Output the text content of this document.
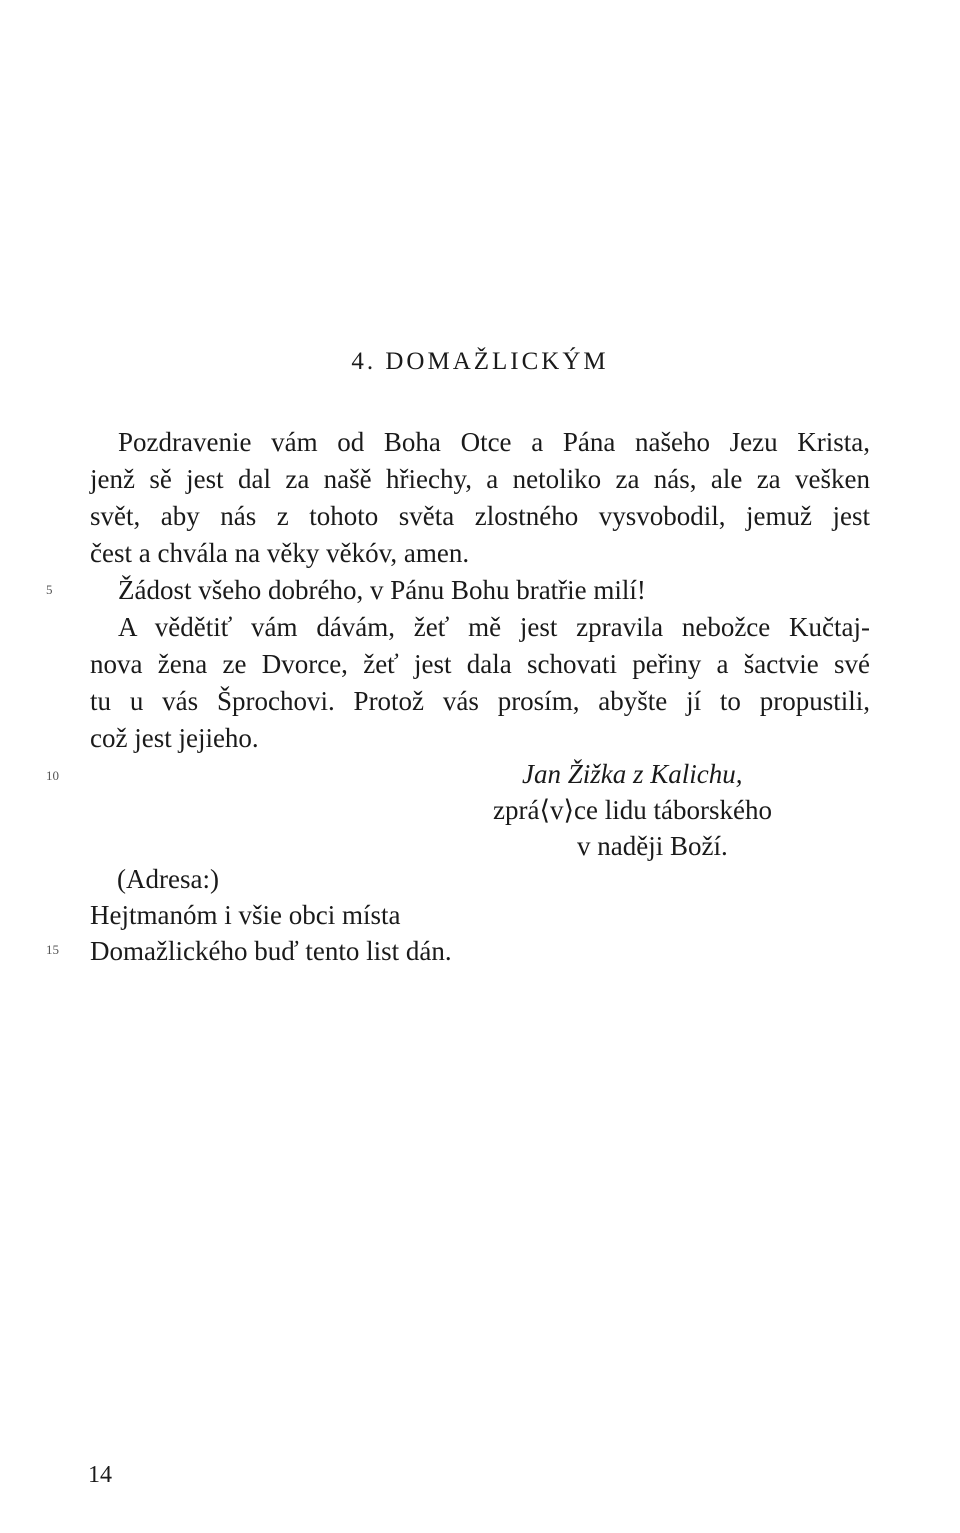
4. DOMAŽLICKÝM
Pozdravenie vám od Boha Otce a Pána našeho Jezu Krista,
jenž sě jest dal za našě hřiechy, a netoliko za nás, ale za vešken
svět, aby nás z tohoto světa zlostného vysvobodil, jemuž jest
čest a chvála na věky věkóv, amen.
Žádost všeho dobrého, v Pánu Bohu bratřie milí!
A vědětiť vám dávám, žeť mě jest zpravila nebožce Kučtaj-
nova žena ze Dvorce, žeť jest dala schovati peřiny a šactvie své
tu u vás Šprochovi. Protož vás prosím, abyšte jí to propustili,
což jest jejieho.
5
10
15
Jan Žižka z Kalichu,
zprá⟨v⟩ce lidu táborského
v naději Boží.
(Adresa:)
Hejtmanóm i všie obci místa
Domažlického buď tento list dán.
14
